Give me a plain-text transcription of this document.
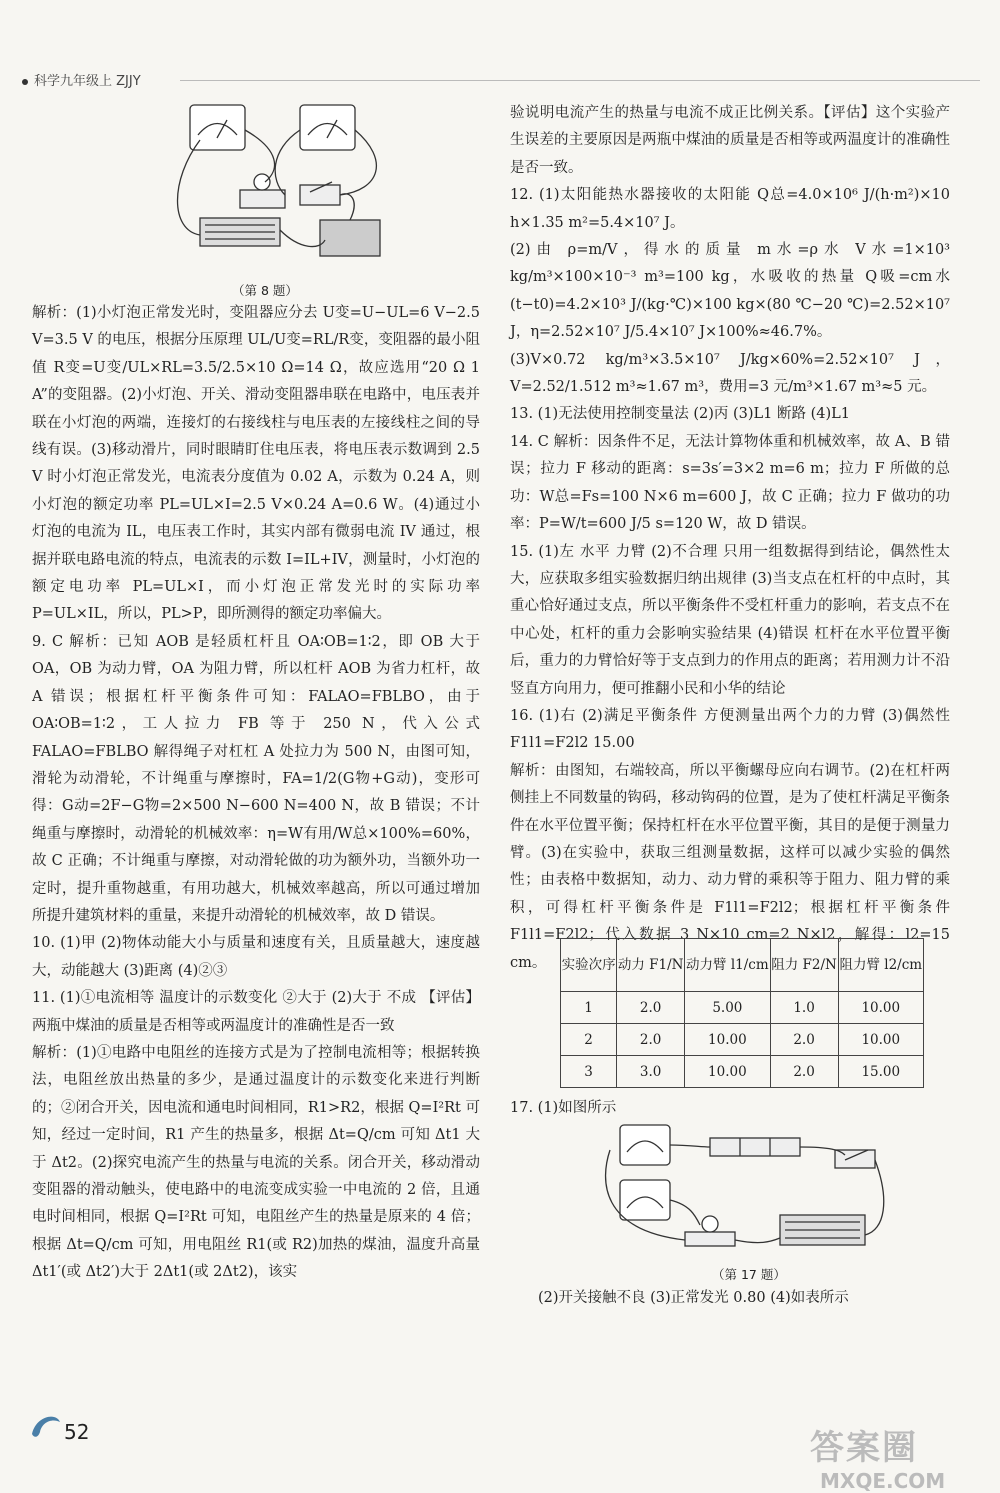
科学九年级上 ZJJY
（第 8 题）

解析：(1)小灯泡正常发光时，变阻器应分去 U变=U−UL=6 V−2.5 V=3.5 V 的电压，根据分压原理 UL/U变=RL/R变，变阻器的最小阻值 R变=U变/UL×RL=3.5/2.5×10 Ω=14 Ω，故应选用“20 Ω 1 A”的变阻器。(2)小灯泡、开关、滑动变阻器串联在电路中，电压表并联在小灯泡的两端，连接灯的右接线柱与电压表的左接线柱之间的导线有误。(3)移动滑片，同时眼睛盯住电压表，将电压表示数调到 2.5 V 时小灯泡正常发光，电流表分度值为 0.02 A，示数为 0.24 A，则小灯泡的额定功率 PL=UL×I=2.5 V×0.24 A=0.6 W。(4)通过小灯泡的电流为 IL，电压表工作时，其实内部有微弱电流 IV 通过，根据并联电路电流的特点，电流表的示数 I=IL+IV，测量时，小灯泡的额定电功率 PL=UL×I，而小灯泡正常发光时的实际功率 P=UL×IL，所以，PL>P，即所测得的额定功率偏大。

9. C 解析：已知 AOB 是轻质杠杆且 OA∶OB=1∶2，即 OB 大于 OA，OB 为动力臂，OA 为阻力臂，所以杠杆 AOB 为省力杠杆，故 A 错误；根据杠杆平衡条件可知：FALAO=FBLBO，由于 OA∶OB=1∶2，工人拉力 FB 等于 250 N，代入公式 FALAO=FBLBO 解得绳子对杠杠 A 处拉力为 500 N，由图可知，滑轮为动滑轮，不计绳重与摩擦时，FA=1/2(G物+G动)，变形可得：G动=2F−G物=2×500 N−600 N=400 N，故 B 错误；不计绳重与摩擦时，动滑轮的机械效率：η=W有用/W总×100%=60%，故 C 正确；不计绳重与摩擦，对动滑轮做的功为额外功，当额外功一定时，提升重物越重，有用功越大，机械效率越高，所以可通过增加所提升建筑材料的重量，来提升动滑轮的机械效率，故 D 错误。

10. (1)甲 (2)物体动能大小与质量和速度有关，且质量越大，速度越大，动能越大 (3)距离 (4)②③

11. (1)①电流相等 温度计的示数变化 ②大于 (2)大于 不成 【评估】两瓶中煤油的质量是否相等或两温度计的准确性是否一致

解析：(1)①电路中电阻丝的连接方式是为了控制电流相等；根据转换法，电阻丝放出热量的多少，是通过温度计的示数变化来进行判断的；②闭合开关，因电流和通电时间相同，R1>R2，根据 Q=I²Rt 可知，经过一定时间，R1 产生的热量多，根据 Δt=Q/cm 可知 Δt1 大于 Δt2。(2)探究电流产生的热量与电流的关系。闭合开关，移动滑动变阻器的滑动触头，使电路中的电流变成实验一中电流的 2 倍，且通电时间相同，根据 Q=I²Rt 可知，电阻丝产生的热量是原来的 4 倍；根据 Δt=Q/cm 可知，用电阻丝 R1(或 R2)加热的煤油，温度升高量 Δt1′(或 Δt2′)大于 2Δt1(或 2Δt2)，该实

验说明电流产生的热量与电流不成正比例关系。【评估】这个实验产生误差的主要原因是两瓶中煤油的质量是否相等或两温度计的准确性是否一致。

12. (1)太阳能热水器接收的太阳能 Q总=4.0×10⁶ J/(h·m²)×10 h×1.35 m²=5.4×10⁷ J。

(2)由 ρ=m/V，得水的质量 m水=ρ水 V水=1×10³ kg/m³×100×10⁻³ m³=100 kg，水吸收的热量 Q吸=cm水(t−t0)=4.2×10³ J/(kg·℃)×100 kg×(80 ℃−20 ℃)=2.52×10⁷ J，η=2.52×10⁷ J/5.4×10⁷ J×100%≈46.7%。

(3)V×0.72 kg/m³×3.5×10⁷ J/kg×60%=2.52×10⁷ J，V=2.52/1.512 m³≈1.67 m³，费用=3 元/m³×1.67 m³≈5 元。

13. (1)无法使用控制变量法 (2)丙 (3)L1 断路 (4)L1

14. C 解析：因条件不足，无法计算物体重和机械效率，故 A、B 错误；拉力 F 移动的距离：s=3s′=3×2 m=6 m；拉力 F 所做的总功：W总=Fs=100 N×6 m=600 J，故 C 正确；拉力 F 做功的功率：P=W/t=600 J/5 s=120 W，故 D 错误。

15. (1)左 水平 力臂 (2)不合理 只用一组数据得到结论，偶然性太大，应获取多组实验数据归纳出规律 (3)当支点在杠杆的中点时，其重心恰好通过支点，所以平衡条件不受杠杆重力的影响，若支点不在中心处，杠杆的重力会影响实验结果 (4)错误 杠杆在水平位置平衡后，重力的力臂恰好等于支点到力的作用点的距离；若用测力计不沿竖直方向用力，便可推翻小民和小华的结论

16. (1)右 (2)满足平衡条件 方便测量出两个力的力臂 (3)偶然性 F1l1=F2l2 15.00

解析：由图知，右端较高，所以平衡螺母应向右调节。(2)在杠杆两侧挂上不同数量的钩码，移动钩码的位置，是为了使杠杆满足平衡条件在水平位置平衡；保持杠杆在水平位置平衡，其目的是便于测量力臂。(3)在实验中，获取三组测量数据，这样可以减少实验的偶然性；由表格中数据知，动力、动力臂的乘积等于阻力、阻力臂的乘积，可得杠杆平衡条件是 F1l1=F2l2；根据杠杆平衡条件 F1l1=F2l2；代入数据 3 N×10 cm=2 N×l2，解得：l2=15 cm。	实验次序	动力 F1/N	动力臂 l1/cm	阻力 F2/N	阻力臂 l2/cm
1	2.0	5.00	1.0	10.00
2	2.0	10.00	2.0	10.00
3	3.0	10.00	2.0	15.00
17. (1)如图所示
（第 17 题）
(2)开关接触不良 (3)正常发光 0.80 (4)如表所示
52	答案圈
MXQE.COM
